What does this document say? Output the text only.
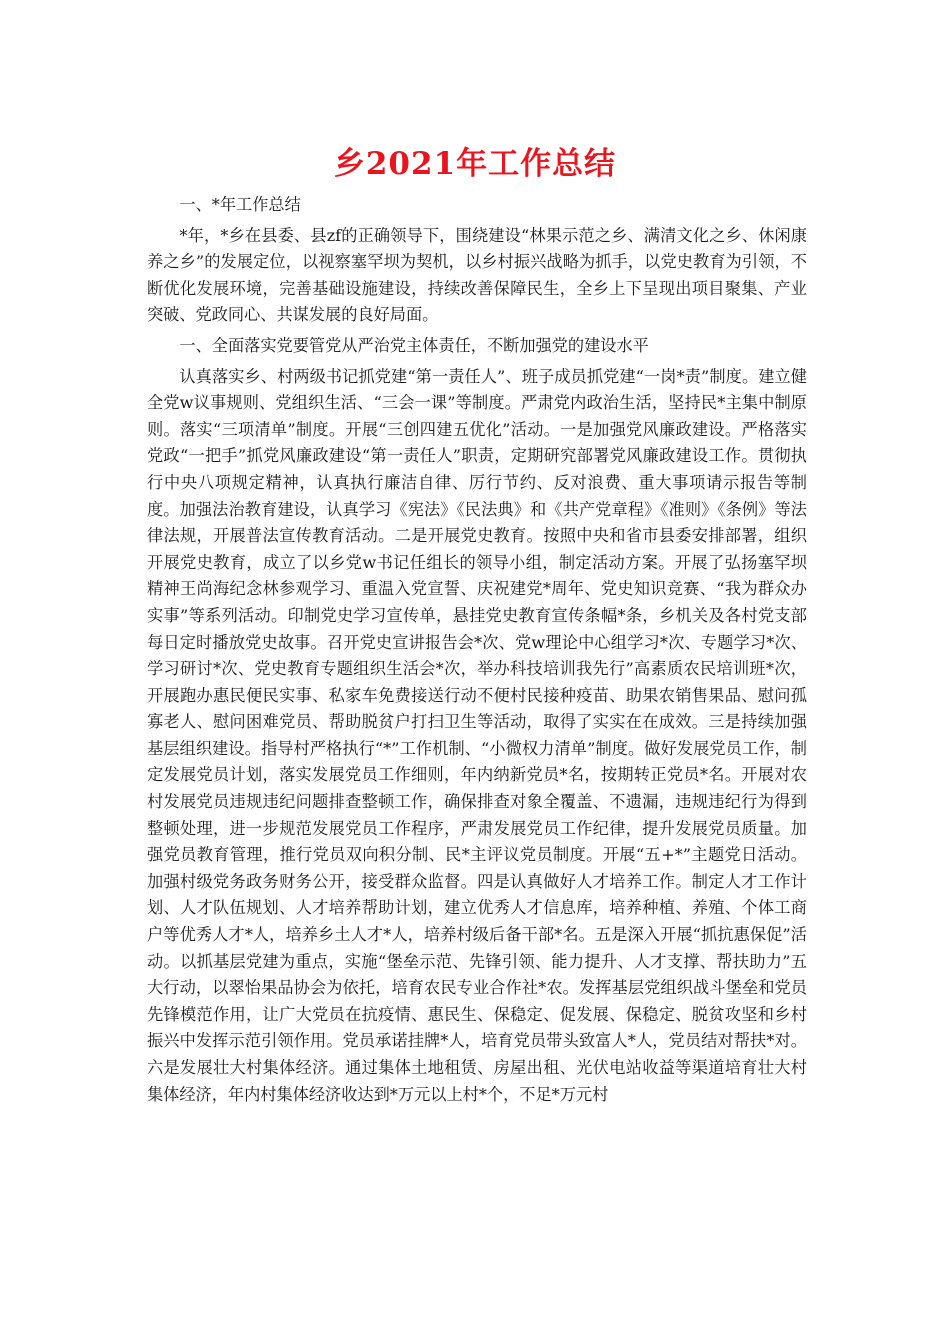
乡2021年工作总结

一、*年工作总结

*年，*乡在县委、县zf的正确领导下，围绕建设“林果示范之乡、满清文化之乡、休闲康养之乡”的发展定位，以视察塞罕坝为契机，以乡村振兴战略为抓手，以党史教育为引领，不断优化发展环境，完善基础设施建设，持续改善保障民生，全乡上下呈现出项目聚集、产业突破、党政同心、共谋发展的良好局面。

一、全面落实党要管党从严治党主体责任，不断加强党的建设水平

认真落实乡、村两级书记抓党建“第一责任人”、班子成员抓党建“一岗*责”制度。建立健全党w议事规则、党组织生活、“三会一课”等制度。严肃党内政治生活，坚持民*主集中制原则。落实“三项清单”制度。开展“三创四建五优化”活动。一是加强党风廉政建设。严格落实党政“一把手”抓党风廉政建设“第一责任人”职责，定期研究部署党风廉政建设工作。贯彻执行中央八项规定精神，认真执行廉洁自律、厉行节约、反对浪费、重大事项请示报告等制度。加强法治教育建设，认真学习《宪法》《民法典》和《共产党章程》《准则》《条例》等法律法规，开展普法宣传教育活动。二是开展党史教育。按照中央和省市县委安排部署，组织开展党史教育，成立了以乡党w书记任组长的领导小组，制定活动方案。开展了弘扬塞罕坝精神王尚海纪念林参观学习、重温入党宣誓、庆祝建党*周年、党史知识竞赛、“我为群众办实事”等系列活动。印制党史学习宣传单，悬挂党史教育宣传条幅*条，乡机关及各村党支部每日定时播放党史故事。召开党史宣讲报告会*次、党w理论中心组学习*次、专题学习*次、学习研讨*次、党史教育专题组织生活会*次，举办科技培训我先行”高素质农民培训班*次，开展跑办惠民便民实事、私家车免费接送行动不便村民接种疫苗、助果农销售果品、慰问孤寡老人、慰问困难党员、帮助脱贫户打扫卫生等活动，取得了实实在在成效。三是持续加强基层组织建设。指导村严格执行“*”工作机制、“小微权力清单”制度。做好发展党员工作，制定发展党员计划，落实发展党员工作细则，年内纳新党员*名，按期转正党员*名。开展对农村发展党员违规违纪问题排查整顿工作，确保排查对象全覆盖、不遗漏，违规违纪行为得到整顿处理，进一步规范发展党员工作程序，严肃发展党员工作纪律，提升发展党员质量。加强党员教育管理，推行党员双向积分制、民*主评议党员制度。开展“五+*”主题党日活动。加强村级党务政务财务公开，接受群众监督。四是认真做好人才培养工作。制定人才工作计划、人才队伍规划、人才培养帮助计划，建立优秀人才信息库，培养种植、养殖、个体工商户等优秀人才*人，培养乡土人才*人，培养村级后备干部*名。五是深入开展“抓抗惠保促”活动。以抓基层党建为重点，实施“堡垒示范、先锋引领、能力提升、人才支撑、帮扶助力”五大行动，以翠怡果品协会为依托，培育农民专业合作社*农。发挥基层党组织战斗堡垒和党员先锋模范作用，让广大党员在抗疫情、惠民生、保稳定、促发展、保稳定、脱贫攻坚和乡村振兴中发挥示范引领作用。党员承诺挂牌*人，培育党员带头致富人*人，党员结对帮扶*对。六是发展壮大村集体经济。通过集体土地租赁、房屋出租、光伏电站收益等渠道培育壮大村集体经济，年内村集体经济收达到*万元以上村*个，不足*万元村
